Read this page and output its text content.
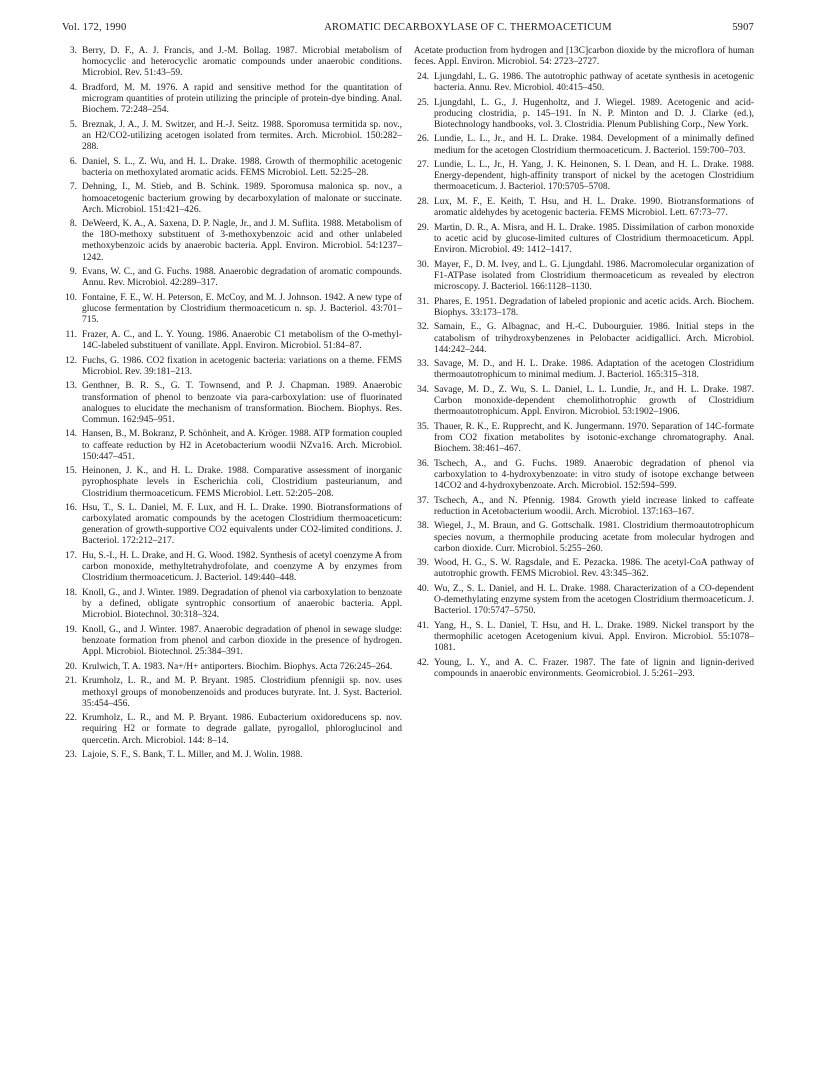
Vol. 172, 1990	AROMATIC DECARBOXYLASE OF C. THERMOACETICUM	5907
3. Berry, D. F., A. J. Francis, and J.-M. Bollag. 1987. Microbial metabolism of homocyclic and heterocyclic aromatic compounds under anaerobic conditions. Microbiol. Rev. 51:43–59.
4. Bradford, M. M. 1976. A rapid and sensitive method for the quantitation of microgram quantities of protein utilizing the principle of protein-dye binding. Anal. Biochem. 72:248–254.
5. Breznak, J. A., J. M. Switzer, and H.-J. Seitz. 1988. Sporomusa termitida sp. nov., an H2/CO2-utilizing acetogen isolated from termites. Arch. Microbiol. 150:282–288.
6. Daniel, S. L., Z. Wu, and H. L. Drake. 1988. Growth of thermophilic acetogenic bacteria on methoxylated aromatic acids. FEMS Microbiol. Lett. 52:25–28.
7. Dehning, I., M. Stieb, and B. Schink. 1989. Sporomusa malonica sp. nov., a homoacetogenic bacterium growing by decarboxylation of malonate or succinate. Arch. Microbiol. 151:421–426.
8. DeWeerd, K. A., A. Saxena, D. P. Nagle, Jr., and J. M. Suflita. 1988. Metabolism of the 18O-methoxy substituent of 3-methoxybenzoic acid and other unlabeled methoxybenzoic acids by anaerobic bacteria. Appl. Environ. Microbiol. 54:1237–1242.
9. Evans, W. C., and G. Fuchs. 1988. Anaerobic degradation of aromatic compounds. Annu. Rev. Microbiol. 42:289–317.
10. Fontaine, F. E., W. H. Peterson, E. McCoy, and M. J. Johnson. 1942. A new type of glucose fermentation by Clostridium thermoaceticum n. sp. J. Bacteriol. 43:701–715.
11. Frazer, A. C., and L. Y. Young. 1986. Anaerobic C1 metabolism of the O-methyl-14C-labeled substituent of vanillate. Appl. Environ. Microbiol. 51:84–87.
12. Fuchs, G. 1986. CO2 fixation in acetogenic bacteria: variations on a theme. FEMS Microbiol. Rev. 39:181–213.
13. Genthner, B. R. S., G. T. Townsend, and P. J. Chapman. 1989. Anaerobic transformation of phenol to benzoate via para-carboxylation: use of fluorinated analogues to elucidate the mechanism of transformation. Biochem. Biophys. Res. Commun. 162:945–951.
14. Hansen, B., M. Bokranz, P. Schönheit, and A. Kröger. 1988. ATP formation coupled to caffeate reduction by H2 in Acetobacterium woodii NZva16. Arch. Microbiol. 150:447–451.
15. Heinonen, J. K., and H. L. Drake. 1988. Comparative assessment of inorganic pyrophosphate levels in Escherichia coli, Clostridium pasteurianum, and Clostridium thermoaceticum. FEMS Microbiol. Lett. 52:205–208.
16. Hsu, T., S. L. Daniel, M. F. Lux, and H. L. Drake. 1990. Biotransformations of carboxylated aromatic compounds by the acetogen Clostridium thermoaceticum: generation of growth-supportive CO2 equivalents under CO2-limited conditions. J. Bacteriol. 172:212–217.
17. Hu, S.-I., H. L. Drake, and H. G. Wood. 1982. Synthesis of acetyl coenzyme A from carbon monoxide, methyltetrahydrofolate, and coenzyme A by enzymes from Clostridium thermoaceticum. J. Bacteriol. 149:440–448.
18. Knoll, G., and J. Winter. 1989. Degradation of phenol via carboxylation to benzoate by a defined, obligate syntrophic consortium of anaerobic bacteria. Appl. Microbiol. Biotechnol. 30:318–324.
19. Knoll, G., and J. Winter. 1987. Anaerobic degradation of phenol in sewage sludge: benzoate formation from phenol and carbon dioxide in the presence of hydrogen. Appl. Microbiol. Biotechnol. 25:384–391.
20. Krulwich, T. A. 1983. Na+/H+ antiporters. Biochim. Biophys. Acta 726:245–264.
21. Krumholz, L. R., and M. P. Bryant. 1985. Clostridium pfennigii sp. nov. uses methoxyl groups of monobenzenoids and produces butyrate. Int. J. Syst. Bacteriol. 35:454–456.
22. Krumholz, L. R., and M. P. Bryant. 1986. Eubacterium oxidoreducens sp. nov. requiring H2 or formate to degrade gallate, pyrogallol, phloroglucinol and quercetin. Arch. Microbiol. 144: 8–14.
23. Lajoie, S. F., S. Bank, T. L. Miller, and M. J. Wolin. 1988.

Acetate production from hydrogen and [13C]carbon dioxide by the microflora of human feces. Appl. Environ. Microbiol. 54: 2723–2727.

24. Ljungdahl, L. G. 1986. The autotrophic pathway of acetate synthesis in acetogenic bacteria. Annu. Rev. Microbiol. 40:415–450.
25. Ljungdahl, L. G., J. Hugenholtz, and J. Wiegel. 1989. Acetogenic and acid-producing clostridia, p. 145–191. In N. P. Minton and D. J. Clarke (ed.), Biotechnology handbooks, vol. 3. Clostridia. Plenum Publishing Corp., New York.
26. Lundie, L. L., Jr., and H. L. Drake. 1984. Development of a minimally defined medium for the acetogen Clostridium thermoaceticum. J. Bacteriol. 159:700–703.
27. Lundie, L. L., Jr., H. Yang, J. K. Heinonen, S. I. Dean, and H. L. Drake. 1988. Energy-dependent, high-affinity transport of nickel by the acetogen Clostridium thermoaceticum. J. Bacteriol. 170:5705–5708.
28. Lux, M. F., E. Keith, T. Hsu, and H. L. Drake. 1990. Biotransformations of aromatic aldehydes by acetogenic bacteria. FEMS Microbiol. Lett. 67:73–77.
29. Martin, D. R., A. Misra, and H. L. Drake. 1985. Dissimilation of carbon monoxide to acetic acid by glucose-limited cultures of Clostridium thermoaceticum. Appl. Environ. Microbiol. 49: 1412–1417.
30. Mayer, F., D. M. Ivey, and L. G. Ljungdahl. 1986. Macromolecular organization of F1-ATPase isolated from Clostridium thermoaceticum as revealed by electron microscopy. J. Bacteriol. 166:1128–1130.
31. Phares, E. 1951. Degradation of labeled propionic and acetic acids. Arch. Biochem. Biophys. 33:173–178.
32. Samain, E., G. Albagnac, and H.-C. Dubourguier. 1986. Initial steps in the catabolism of trihydroxybenzenes in Pelobacter acidigallici. Arch. Microbiol. 144:242–244.
33. Savage, M. D., and H. L. Drake. 1986. Adaptation of the acetogen Clostridium thermoautotrophicum to minimal medium. J. Bacteriol. 165:315–318.
34. Savage, M. D., Z. Wu, S. L. Daniel, L. L. Lundie, Jr., and H. L. Drake. 1987. Carbon monoxide-dependent chemolithotrophic growth of Clostridium thermoautotrophicum. Appl. Environ. Microbiol. 53:1902–1906.
35. Thauer, R. K., E. Rupprecht, and K. Jungermann. 1970. Separation of 14C-formate from CO2 fixation metabolites by isotonic-exchange chromatography. Anal. Biochem. 38:461–467.
36. Tschech, A., and G. Fuchs. 1989. Anaerobic degradation of phenol via carboxylation to 4-hydroxybenzoate: in vitro study of isotope exchange between 14CO2 and 4-hydroxybenzoate. Arch. Microbiol. 152:594–599.
37. Tschech, A., and N. Pfennig. 1984. Growth yield increase linked to caffeate reduction in Acetobacterium woodii. Arch. Microbiol. 137:163–167.
38. Wiegel, J., M. Braun, and G. Gottschalk. 1981. Clostridium thermoautotrophicum species novum, a thermophile producing acetate from molecular hydrogen and carbon dioxide. Curr. Microbiol. 5:255–260.
39. Wood, H. G., S. W. Ragsdale, and E. Pezacka. 1986. The acetyl-CoA pathway of autotrophic growth. FEMS Microbiol. Rev. 43:345–362.
40. Wu, Z., S. L. Daniel, and H. L. Drake. 1988. Characterization of a CO-dependent O-demethylating enzyme system from the acetogen Clostridium thermoaceticum. J. Bacteriol. 170:5747–5750.
41. Yang, H., S. L. Daniel, T. Hsu, and H. L. Drake. 1989. Nickel transport by the thermophilic acetogen Acetogenium kivui. Appl. Environ. Microbiol. 55:1078–1081.
42. Young, L. Y., and A. C. Frazer. 1987. The fate of lignin and lignin-derived compounds in anaerobic environments. Geomicrobiol. J. 5:261–293.
